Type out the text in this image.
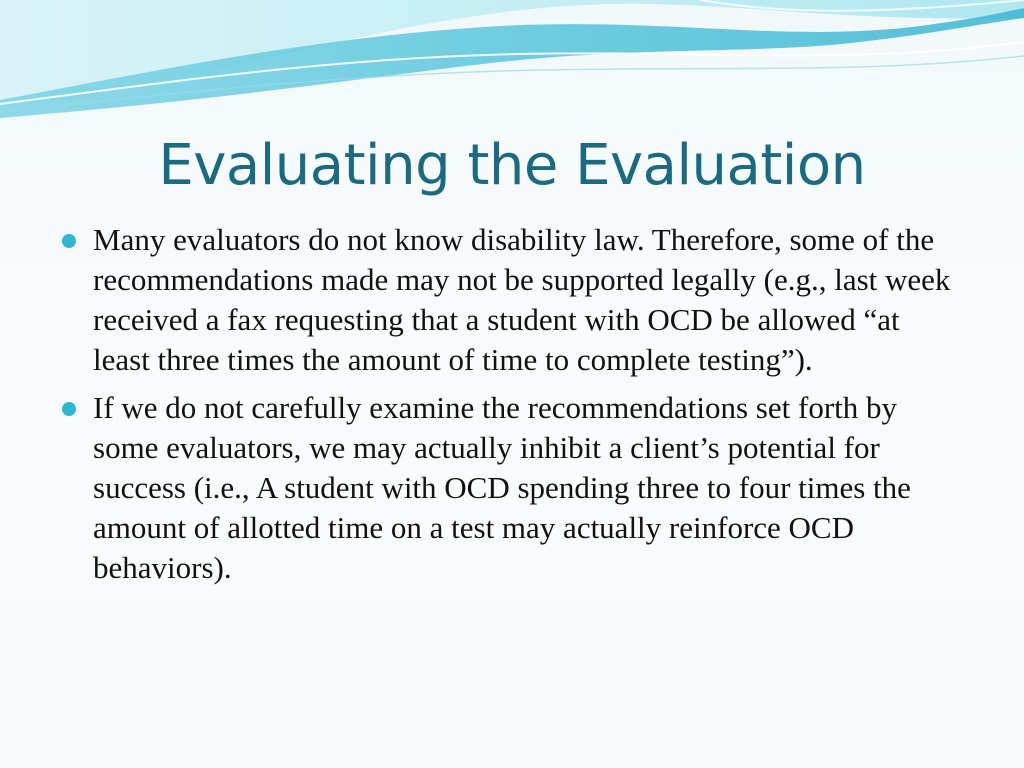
Evaluating the Evaluation
Many evaluators do not know disability law. Therefore, some of the recommendations made may not be supported legally (e.g., last week received a fax requesting that a student with OCD be allowed “at least three times the amount of time to complete testing”).
If we do not carefully examine the recommendations set forth by some evaluators, we may actually inhibit a client’s potential for success (i.e., A student with OCD spending three to four times the amount of allotted time on a test may actually reinforce OCD behaviors).
